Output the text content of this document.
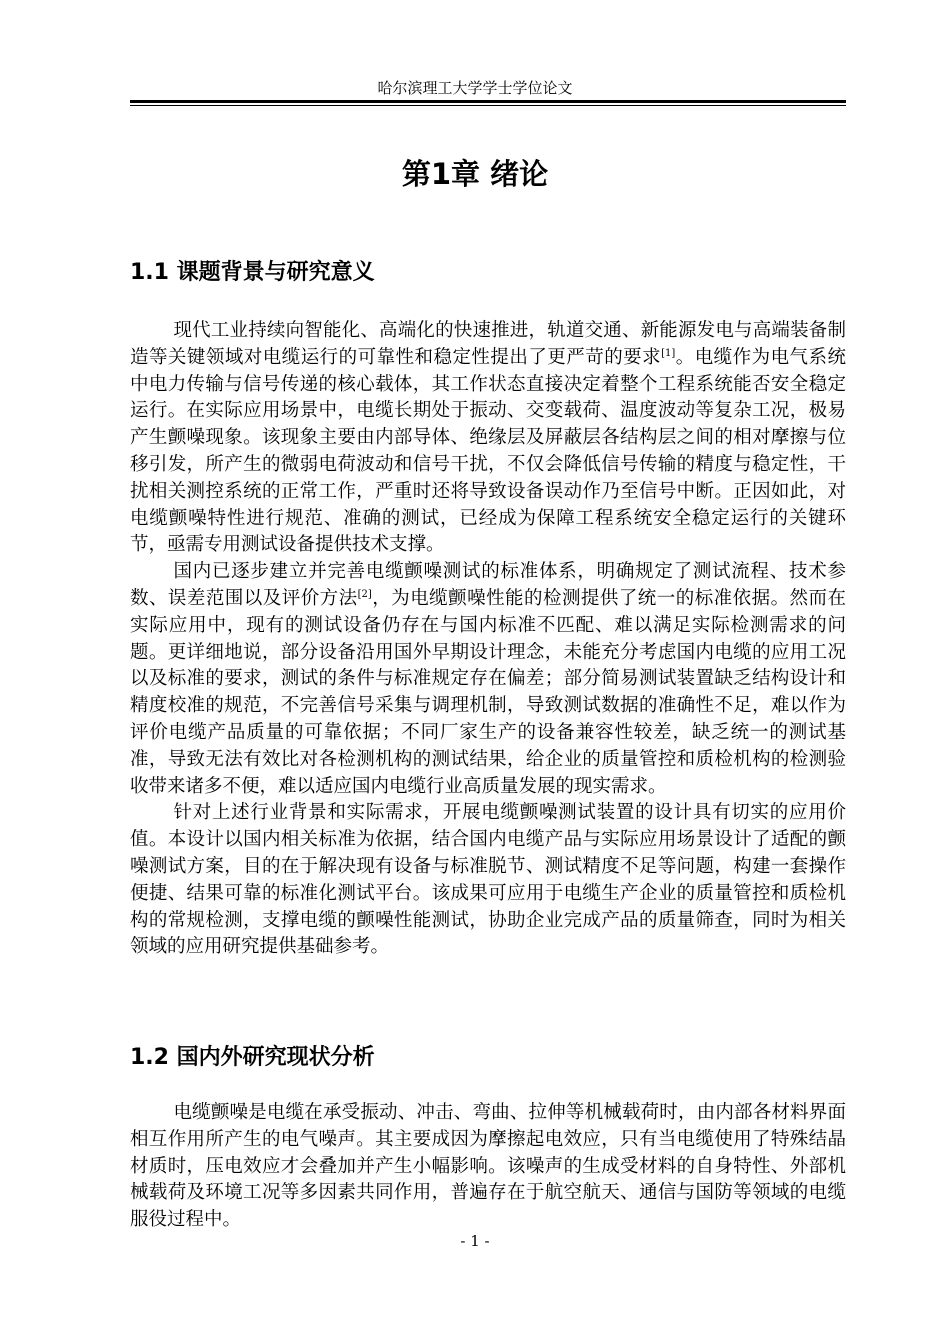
哈尔滨理工大学学士学位论文
第1章 绪论
1.1 课题背景与研究意义

现代工业持续向智能化、高端化的快速推进，轨道交通、新能源发电与高端装备制造等关键领域对电缆运行的可靠性和稳定性提出了更严苛的要求[1]。电缆作为电气系统中电力传输与信号传递的核心载体，其工作状态直接决定着整个工程系统能否安全稳定运行。在实际应用场景中，电缆长期处于振动、交变载荷、温度波动等复杂工况，极易产生颤噪现象。该现象主要由内部导体、绝缘层及屏蔽层各结构层之间的相对摩擦与位移引发，所产生的微弱电荷波动和信号干扰，不仅会降低信号传输的精度与稳定性，干扰相关测控系统的正常工作，严重时还将导致设备误动作乃至信号中断。正因如此，对电缆颤噪特性进行规范、准确的测试，已经成为保障工程系统安全稳定运行的关键环节，亟需专用测试设备提供技术支撑。

国内已逐步建立并完善电缆颤噪测试的标准体系，明确规定了测试流程、技术参数、误差范围以及评价方法[2]，为电缆颤噪性能的检测提供了统一的标准依据。然而在实际应用中，现有的测试设备仍存在与国内标准不匹配、难以满足实际检测需求的问题。更详细地说，部分设备沿用国外早期设计理念，未能充分考虑国内电缆的应用工况以及标准的要求，测试的条件与标准规定存在偏差；部分简易测试装置缺乏结构设计和精度校准的规范，不完善信号采集与调理机制，导致测试数据的准确性不足，难以作为评价电缆产品质量的可靠依据；不同厂家生产的设备兼容性较差，缺乏统一的测试基准，导致无法有效比对各检测机构的测试结果，给企业的质量管控和质检机构的检测验收带来诸多不便，难以适应国内电缆行业高质量发展的现实需求。

针对上述行业背景和实际需求，开展电缆颤噪测试装置的设计具有切实的应用价值。本设计以国内相关标准为依据，结合国内电缆产品与实际应用场景设计了适配的颤噪测试方案，目的在于解决现有设备与标准脱节、测试精度不足等问题，构建一套操作便捷、结果可靠的标准化测试平台。该成果可应用于电缆生产企业的质量管控和质检机构的常规检测，支撑电缆的颤噪性能测试，协助企业完成产品的质量筛查，同时为相关领域的应用研究提供基础参考。

1.2 国内外研究现状分析

电缆颤噪是电缆在承受振动、冲击、弯曲、拉伸等机械载荷时，由内部各材料界面相互作用所产生的电气噪声。其主要成因为摩擦起电效应，只有当电缆使用了特殊结晶材质时，压电效应才会叠加并产生小幅影响。该噪声的生成受材料的自身特性、外部机械载荷及环境工况等多因素共同作用，普遍存在于航空航天、通信与国防等领域的电缆服役过程中。

- 1 -
